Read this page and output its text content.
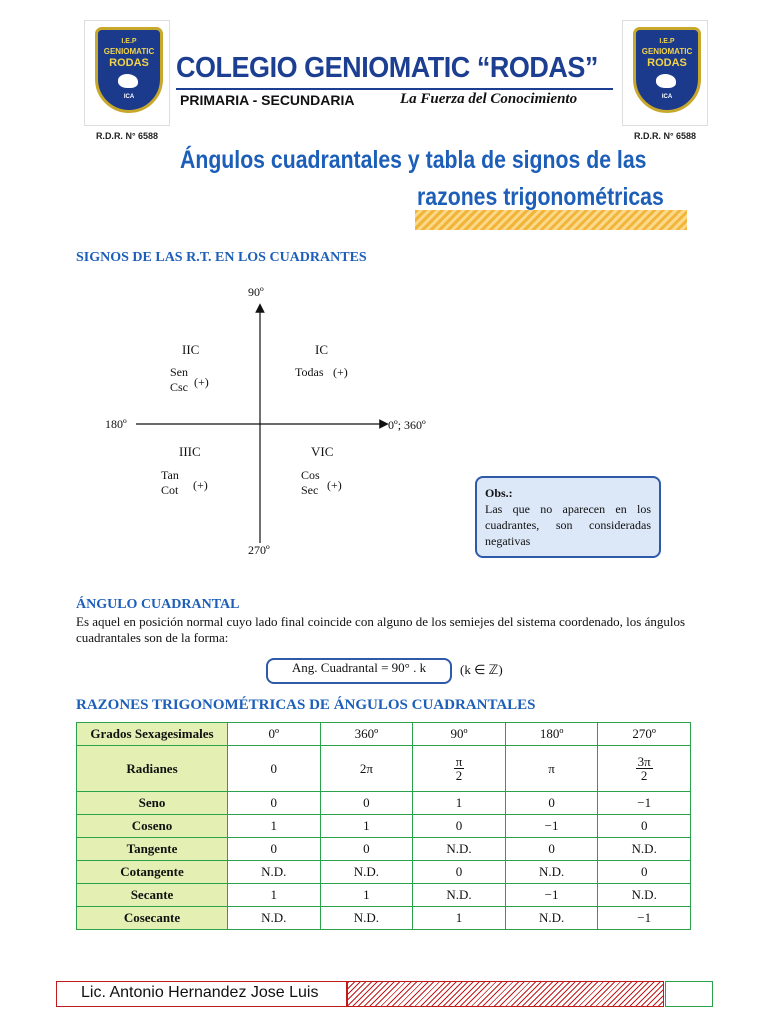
I.E.P
GENIOMATIC
RODAS
ICA
R.D.R. N° 6588
I.E.P
GENIOMATIC
RODAS
ICA
R.D.R. N° 6588
COLEGIO GENIOMATIC “RODAS”
PRIMARIA - SECUNDARIA	La Fuerza del Conocimiento
Ángulos cuadrantales y tabla de signos de las
razones trigonométricas
SIGNOS DE LAS R.T. EN LOS CUADRANTES
90º
180º	0º; 360º
270º
IIC
Sen
Csc (+)
IC
Todas (+)
IIIC
Tan
Cot (+)
VIC
Cos
Sec (+)
Obs.:
Las que no aparecen en los cuadrantes, son consideradas negativas
ÁNGULO CUADRANTAL
Es aquel en posición normal cuyo lado final coincide con alguno de los semiejes del sistema coordenado, los ángulos cuadrantales son de la forma:
Ang. Cuadrantal = 90° . k	(k ∈ ℤ)
RAZONES TRIGONOMÉTRICAS DE ÁNGULOS CUADRANTALES
Grados Sexagesimales	0º	360º	90º	180º	270º
Radianes	0	2π	$\frac{\pi}{2}$	π	$\frac{3\pi}{2}$

Seno	0	0	1	0	−1
Coseno	1	1	0	−1	0
Tangente	0	0	N.D.	0	N.D.
Cotangente	N.D.	N.D.	0	N.D.	0
Secante	1	1	N.D.	−1	N.D.
Cosecante	N.D.	N.D.	1	N.D.	−1
Lic. Antonio Hernandez Jose Luis
